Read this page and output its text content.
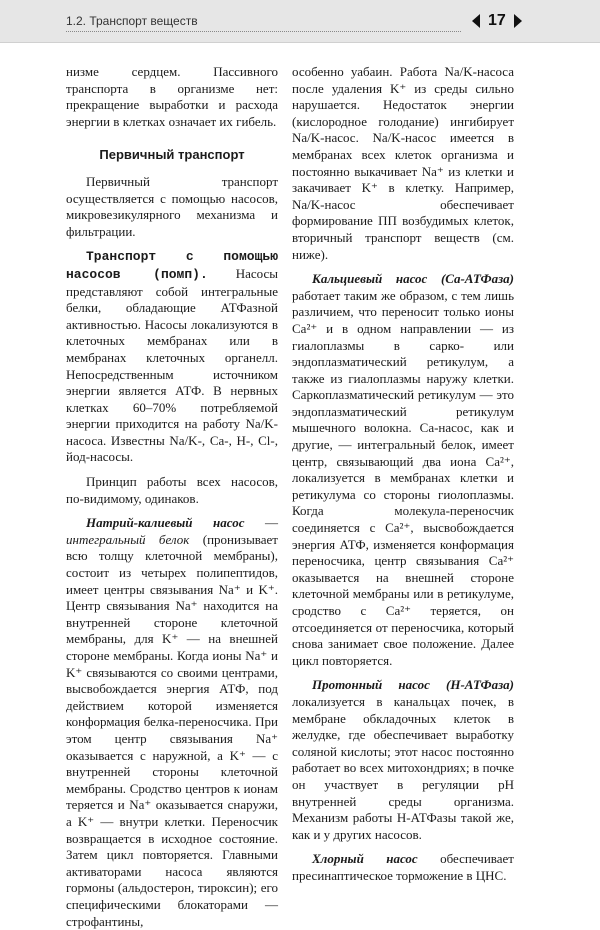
1.2. Транспорт веществ	17

низме сердцем. Пассивного транспорта в организме нет: прекращение выработки и расхода энергии в клетках означает их гибель.

Первичный транспорт

Первичный транспорт осуществляется с помощью насосов, микровезикулярного механизма и фильтрации.

Транспорт с помощью насосов (помп). Насосы представляют собой интегральные белки, обладающие АТФазной активностью. Насосы локализуются в клеточных мембранах или в мембранах клеточных органелл. Непосредственным источником энергии является АТФ. В нервных клетках 60–70% потребляемой энергии приходится на работу Na/K-насоса. Известны Na/K-, Ca-, H-, Cl-, йод-насосы.

Принцип работы всех насосов, по-видимому, одинаков.

Натрий-калиевый насос — интегральный белок (пронизывает всю толщу клеточной мембраны), состоит из четырех полипептидов, имеет центры связывания Na⁺ и K⁺. Центр связывания Na⁺ находится на внутренней стороне клеточной мембраны, для K⁺ — на внешней стороне мембраны. Когда ионы Na⁺ и K⁺ связываются со своими центрами, высвобождается энергия АТФ, под действием которой изменяется конформация белка-переносчика. При этом центр связывания Na⁺ оказывается с наружной, а K⁺ — с внутренней стороны клеточной мембраны. Сродство центров к ионам теряется и Na⁺ оказывается снаружи, а K⁺ — внутри клетки. Переносчик возвращается в исходное состояние. Затем цикл повторяется. Главными активаторами насоса являются гормоны (альдостерон, тироксин); его специфическими блокаторами — строфантины,

особенно уабаин. Работа Na/K-насоса после удаления K⁺ из среды сильно нарушается. Недостаток энергии (кислородное голодание) ингибирует Na/K-насос. Na/K-насос имеется в мембранах всех клеток организма и постоянно выкачивает Na⁺ из клетки и закачивает K⁺ в клетку. Например, Na/K-насос обеспечивает формирование ПП возбудимых клеток, вторичный транспорт веществ (см. ниже).

Кальциевый насос (Ca-АТФаза) работает таким же образом, с тем лишь различием, что переносит только ионы Ca²⁺ и в одном направлении — из гиалоплазмы в сарко- или эндоплазматический ретикулум, а также из гиалоплазмы наружу клетки. Саркоплазматический ретикулум — это эндоплазматический ретикулум мышечного волокна. Ca-насос, как и другие, — интегральный белок, имеет центр, связывающий два иона Ca²⁺, локализуется в мембранах клетки и ретикулума со стороны гиолоплазмы. Когда молекула-переносчик соединяется с Ca²⁺, высвобождается энергия АТФ, изменяется конформация переносчика, центр связывания Ca²⁺ оказывается на внешней стороне клеточной мембраны или в ретикулуме, сродство с Ca²⁺ теряется, он отсоединяется от переносчика, который снова занимает свое положение. Далее цикл повторяется.

Протонный насос (H-АТФаза) локализуется в канальцах почек, в мембране обкладочных клеток в желудке, где обеспечивает выработку соляной кислоты; этот насос постоянно работает во всех митохондриях; в почке он участвует в регуляции pH внутренней среды организма. Механизм работы H-АТФазы такой же, как и у других насосов.

Хлорный насос обеспечивает пресинаптическое торможение в ЦНС.
